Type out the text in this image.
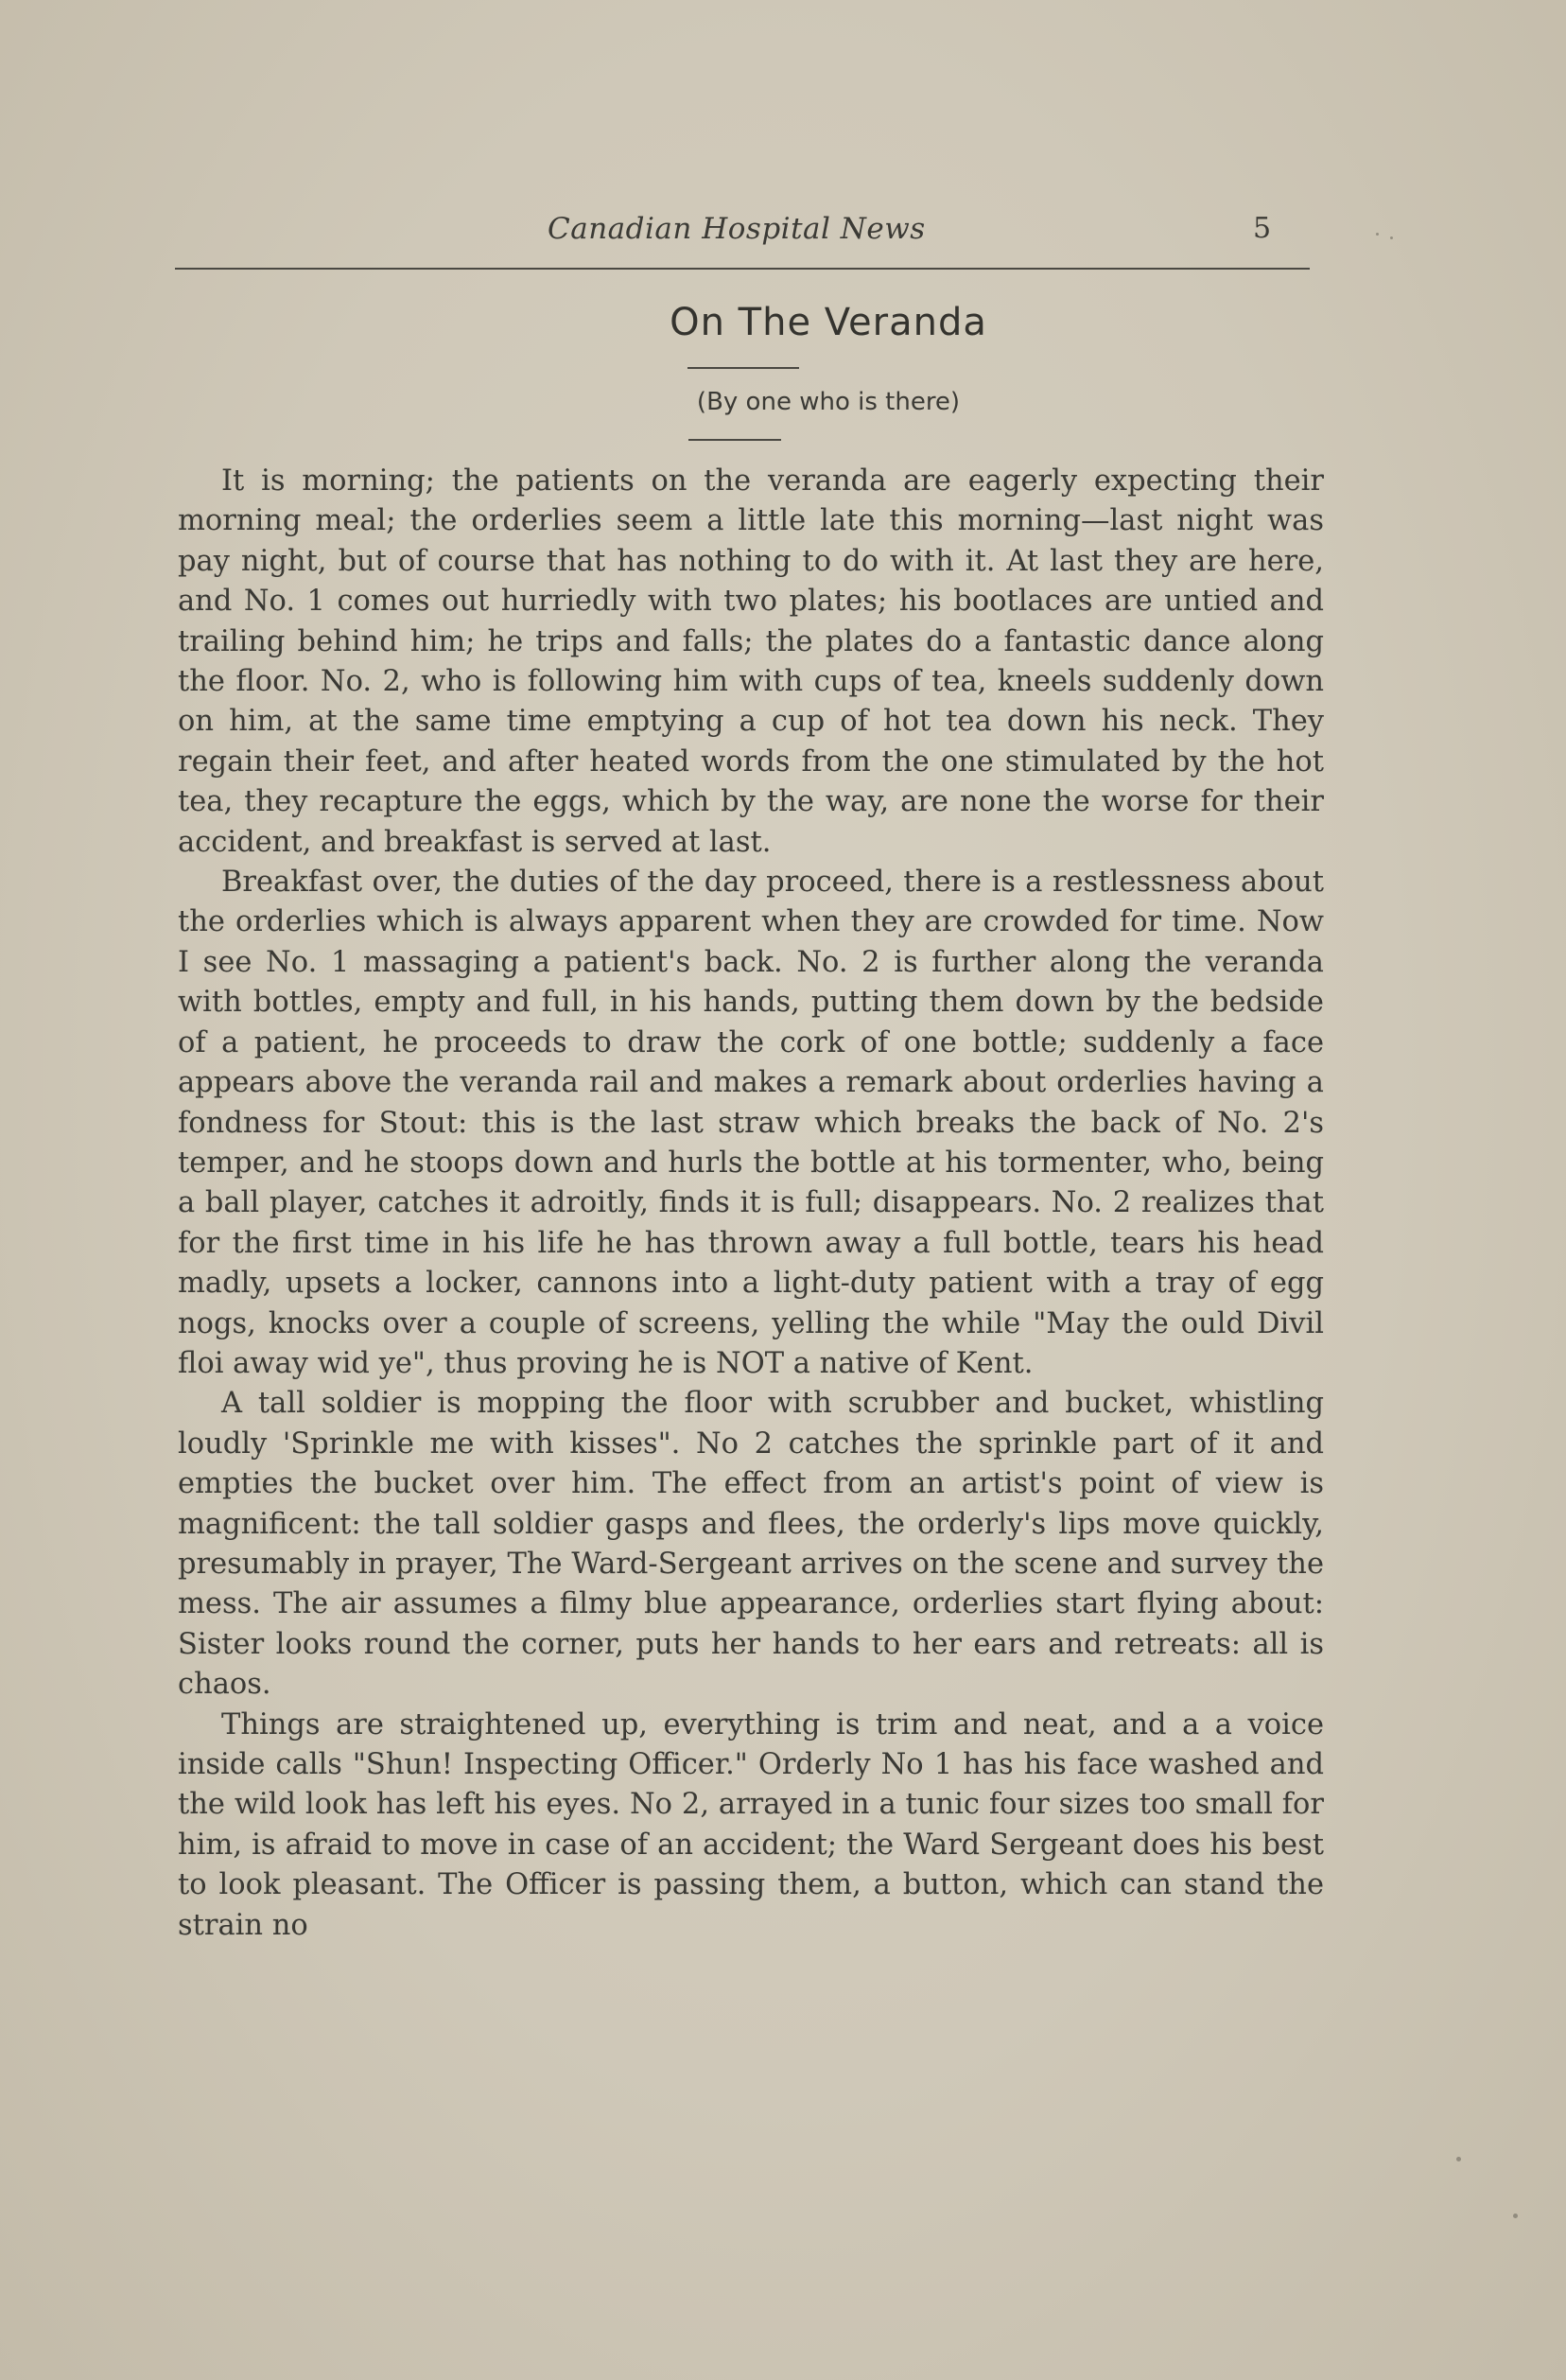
Canadian Hospital News	5
On The Veranda
(By one who is there)

It is morning; the patients on the veranda are eagerly expecting their morning meal; the orderlies seem a little late this morning—last night was pay night, but of course that has nothing to do with it. At last they are here, and No. 1 comes out hurriedly with two plates; his bootlaces are untied and trailing behind him; he trips and falls; the plates do a fantastic dance along the floor. No. 2, who is following him with cups of tea, kneels suddenly down on him, at the same time emptying a cup of hot tea down his neck. They regain their feet, and after heated words from the one stimulated by the hot tea, they recapture the eggs, which by the way, are none the worse for their accident, and breakfast is served at last.

Breakfast over, the duties of the day proceed, there is a restlessness about the orderlies which is always apparent when they are crowded for time. Now I see No. 1 massaging a patient's back. No. 2 is further along the veranda with bottles, empty and full, in his hands, putting them down by the bedside of a patient, he proceeds to draw the cork of one bottle; suddenly a face appears above the veranda rail and makes a remark about orderlies having a fondness for Stout: this is the last straw which breaks the back of No. 2's temper, and he stoops down and hurls the bottle at his tormenter, who, being a ball player, catches it adroitly, finds it is full; disappears. No. 2 realizes that for the first time in his life he has thrown away a full bottle, tears his head madly, upsets a locker, cannons into a light-duty patient with a tray of egg nogs, knocks over a couple of screens, yelling the while "May the ould Divil floi away wid ye", thus proving he is NOT a native of Kent.

A tall soldier is mopping the floor with scrubber and bucket, whistling loudly 'Sprinkle me with kisses". No 2 catches the sprinkle part of it and empties the bucket over him. The effect from an artist's point of view is magnificent: the tall soldier gasps and flees, the orderly's lips move quickly, presumably in prayer, The Ward-Sergeant arrives on the scene and survey the mess. The air assumes a filmy blue appearance, orderlies start flying about: Sister looks round the corner, puts her hands to her ears and retreats: all is chaos.

Things are straightened up, everything is trim and neat, and a a voice inside calls "Shun! Inspecting Officer." Orderly No 1 has his face washed and the wild look has left his eyes. No 2, arrayed in a tunic four sizes too small for him, is afraid to move in case of an accident; the Ward Sergeant does his best to look pleasant. The Officer is passing them, a button, which can stand the strain no
